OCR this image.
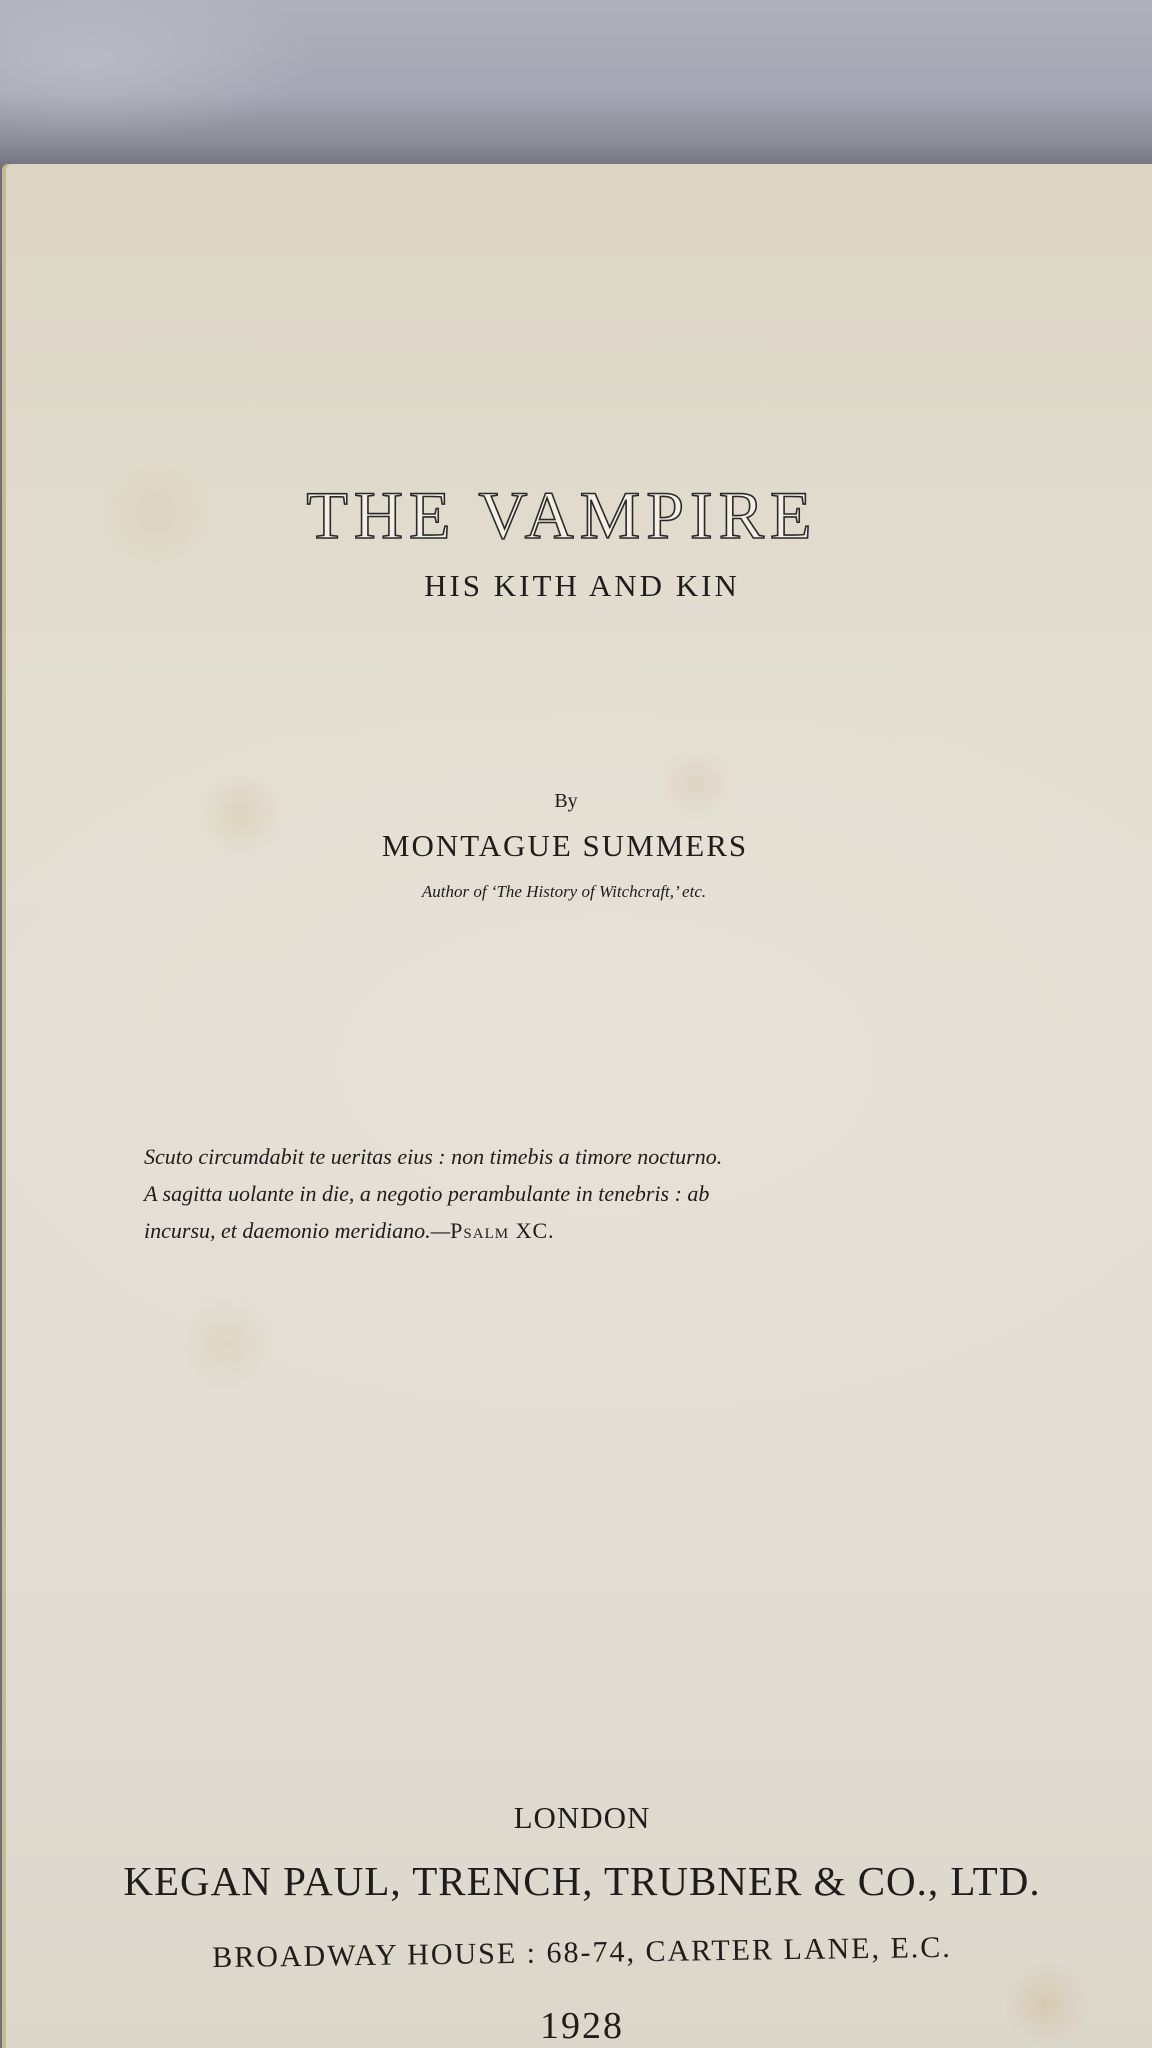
THE VAMPIRE
HIS KITH AND KIN
By
MONTAGUE SUMMERS
Author of ‘The History of Witchcraft,’ etc.
Scuto circumdabit te ueritas eius : non timebis a timore nocturno.
A sagitta uolante in die, a negotio perambulante in tenebris : ab
incursu, et daemonio meridiano.—Psalm XC.
LONDON
KEGAN PAUL, TRENCH, TRUBNER & CO., LTD.
BROADWAY HOUSE : 68-74, CARTER LANE, E.C.
1928
